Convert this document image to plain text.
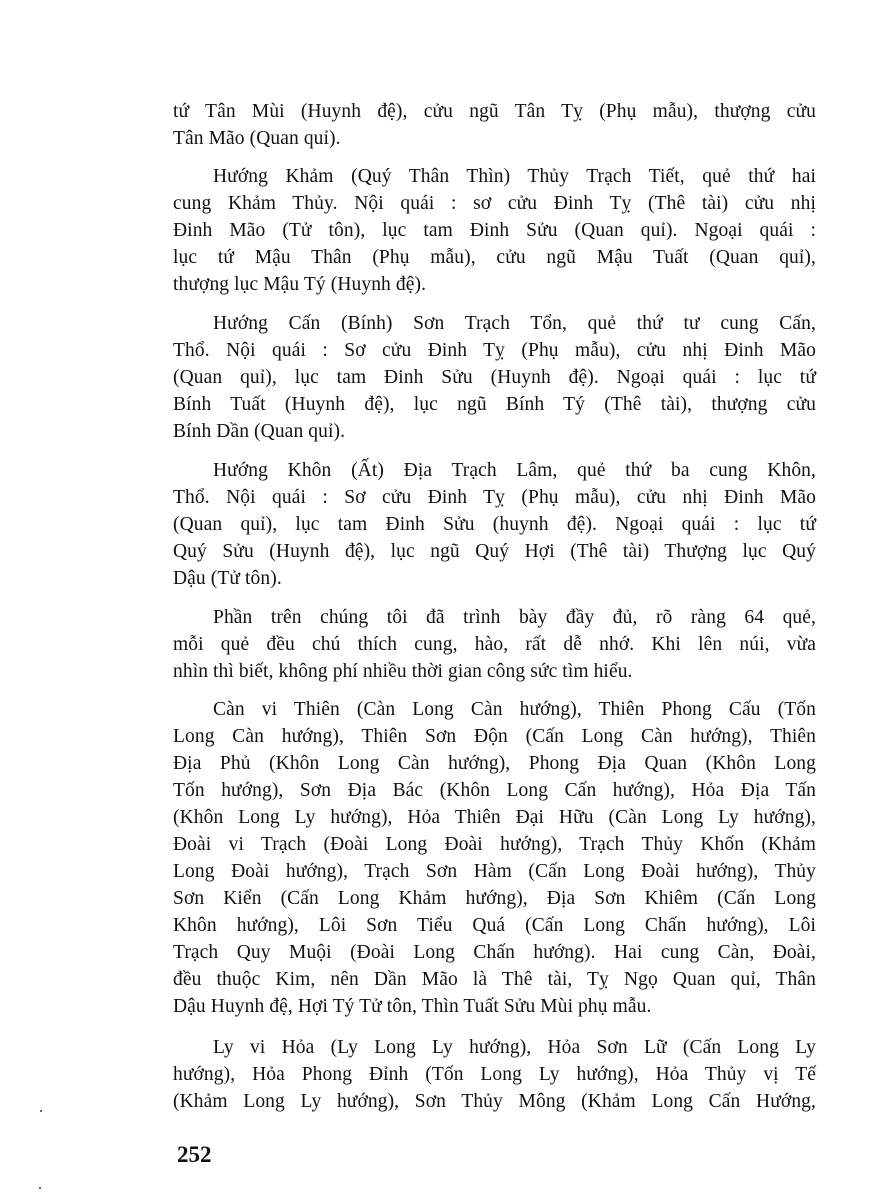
tứ Tân Mùi (Huynh đệ), cửu ngũ Tân Tỵ (Phụ mẫu), thượng cửu
Tân Mão (Quan quỉ).
Hướng Khảm (Quý Thân Thìn) Thủy Trạch Tiết, quẻ thứ hai
cung Khảm Thủy. Nội quái : sơ cửu Đinh Tỵ (Thê tài) cửu nhị
Đinh Mão (Tử tôn), lục tam Đinh Sửu (Quan quỉ). Ngoại quái :
lục tứ Mậu Thân (Phụ mẫu), cửu ngũ Mậu Tuất (Quan quỉ),
thượng lục Mậu Tý (Huynh đệ).
Hướng Cấn (Bính) Sơn Trạch Tổn, quẻ thứ tư cung Cấn,
Thổ. Nội quái : Sơ cửu Đinh Tỵ (Phụ mẫu), cửu nhị Đinh Mão
(Quan quỉ), lục tam Đinh Sửu (Huynh đệ). Ngoại quái : lục tứ
Bính Tuất (Huynh đệ), lục ngũ Bính Tý (Thê tài), thượng cửu
Bính Dần (Quan quỉ).
Hướng Khôn (Ất) Địa Trạch Lâm, quẻ thứ ba cung Khôn,
Thổ. Nội quái : Sơ cửu Đinh Tỵ (Phụ mẫu), cửu nhị Đinh Mão
(Quan quỉ), lục tam Đinh Sửu (huynh đệ). Ngoại quái : lục tứ
Quý Sửu (Huynh đệ), lục ngũ Quý Hợi (Thê tài) Thượng lục Quý
Dậu (Tử tôn).
Phần trên chúng tôi đã trình bày đầy đủ, rõ ràng 64 quẻ,
mỗi quẻ đều chú thích cung, hào, rất dễ nhớ. Khi lên núi, vừa
nhìn thì biết, không phí nhiều thời gian công sức tìm hiểu.
Càn vi Thiên (Càn Long Càn hướng), Thiên Phong Cấu (Tốn
Long Càn hướng), Thiên Sơn Độn (Cấn Long Càn hướng), Thiên
Địa Phủ (Khôn Long Càn hướng), Phong Địa Quan (Khôn Long
Tốn hướng), Sơn Địa Bác (Khôn Long Cấn hướng), Hỏa Địa Tấn
(Khôn Long Ly hướng), Hỏa Thiên Đại Hữu (Càn Long Ly hướng),
Đoài vi Trạch (Đoài Long Đoài hướng), Trạch Thủy Khốn (Khảm
Long Đoài hướng), Trạch Sơn Hàm (Cấn Long Đoài hướng), Thủy
Sơn Kiển (Cấn Long Khảm hướng), Địa Sơn Khiêm (Cấn Long
Khôn hướng), Lôi Sơn Tiểu Quá (Cấn Long Chấn hướng), Lôi
Trạch Quy Muội (Đoài Long Chấn hướng). Hai cung Càn, Đoài,
đều thuộc Kim, nên Dần Mão là Thê tài, Tỵ Ngọ Quan quỉ, Thân
Dậu Huynh đệ, Hợi Tý Tử tôn, Thìn Tuất Sửu Mùi phụ mẫu.
Ly vi Hỏa (Ly Long Ly hướng), Hỏa Sơn Lữ (Cấn Long Ly
hướng), Hỏa Phong Đỉnh (Tốn Long Ly hướng), Hỏa Thủy vị Tế
(Khảm Long Ly hướng), Sơn Thủy Mông (Khảm Long Cấn Hướng,
252
